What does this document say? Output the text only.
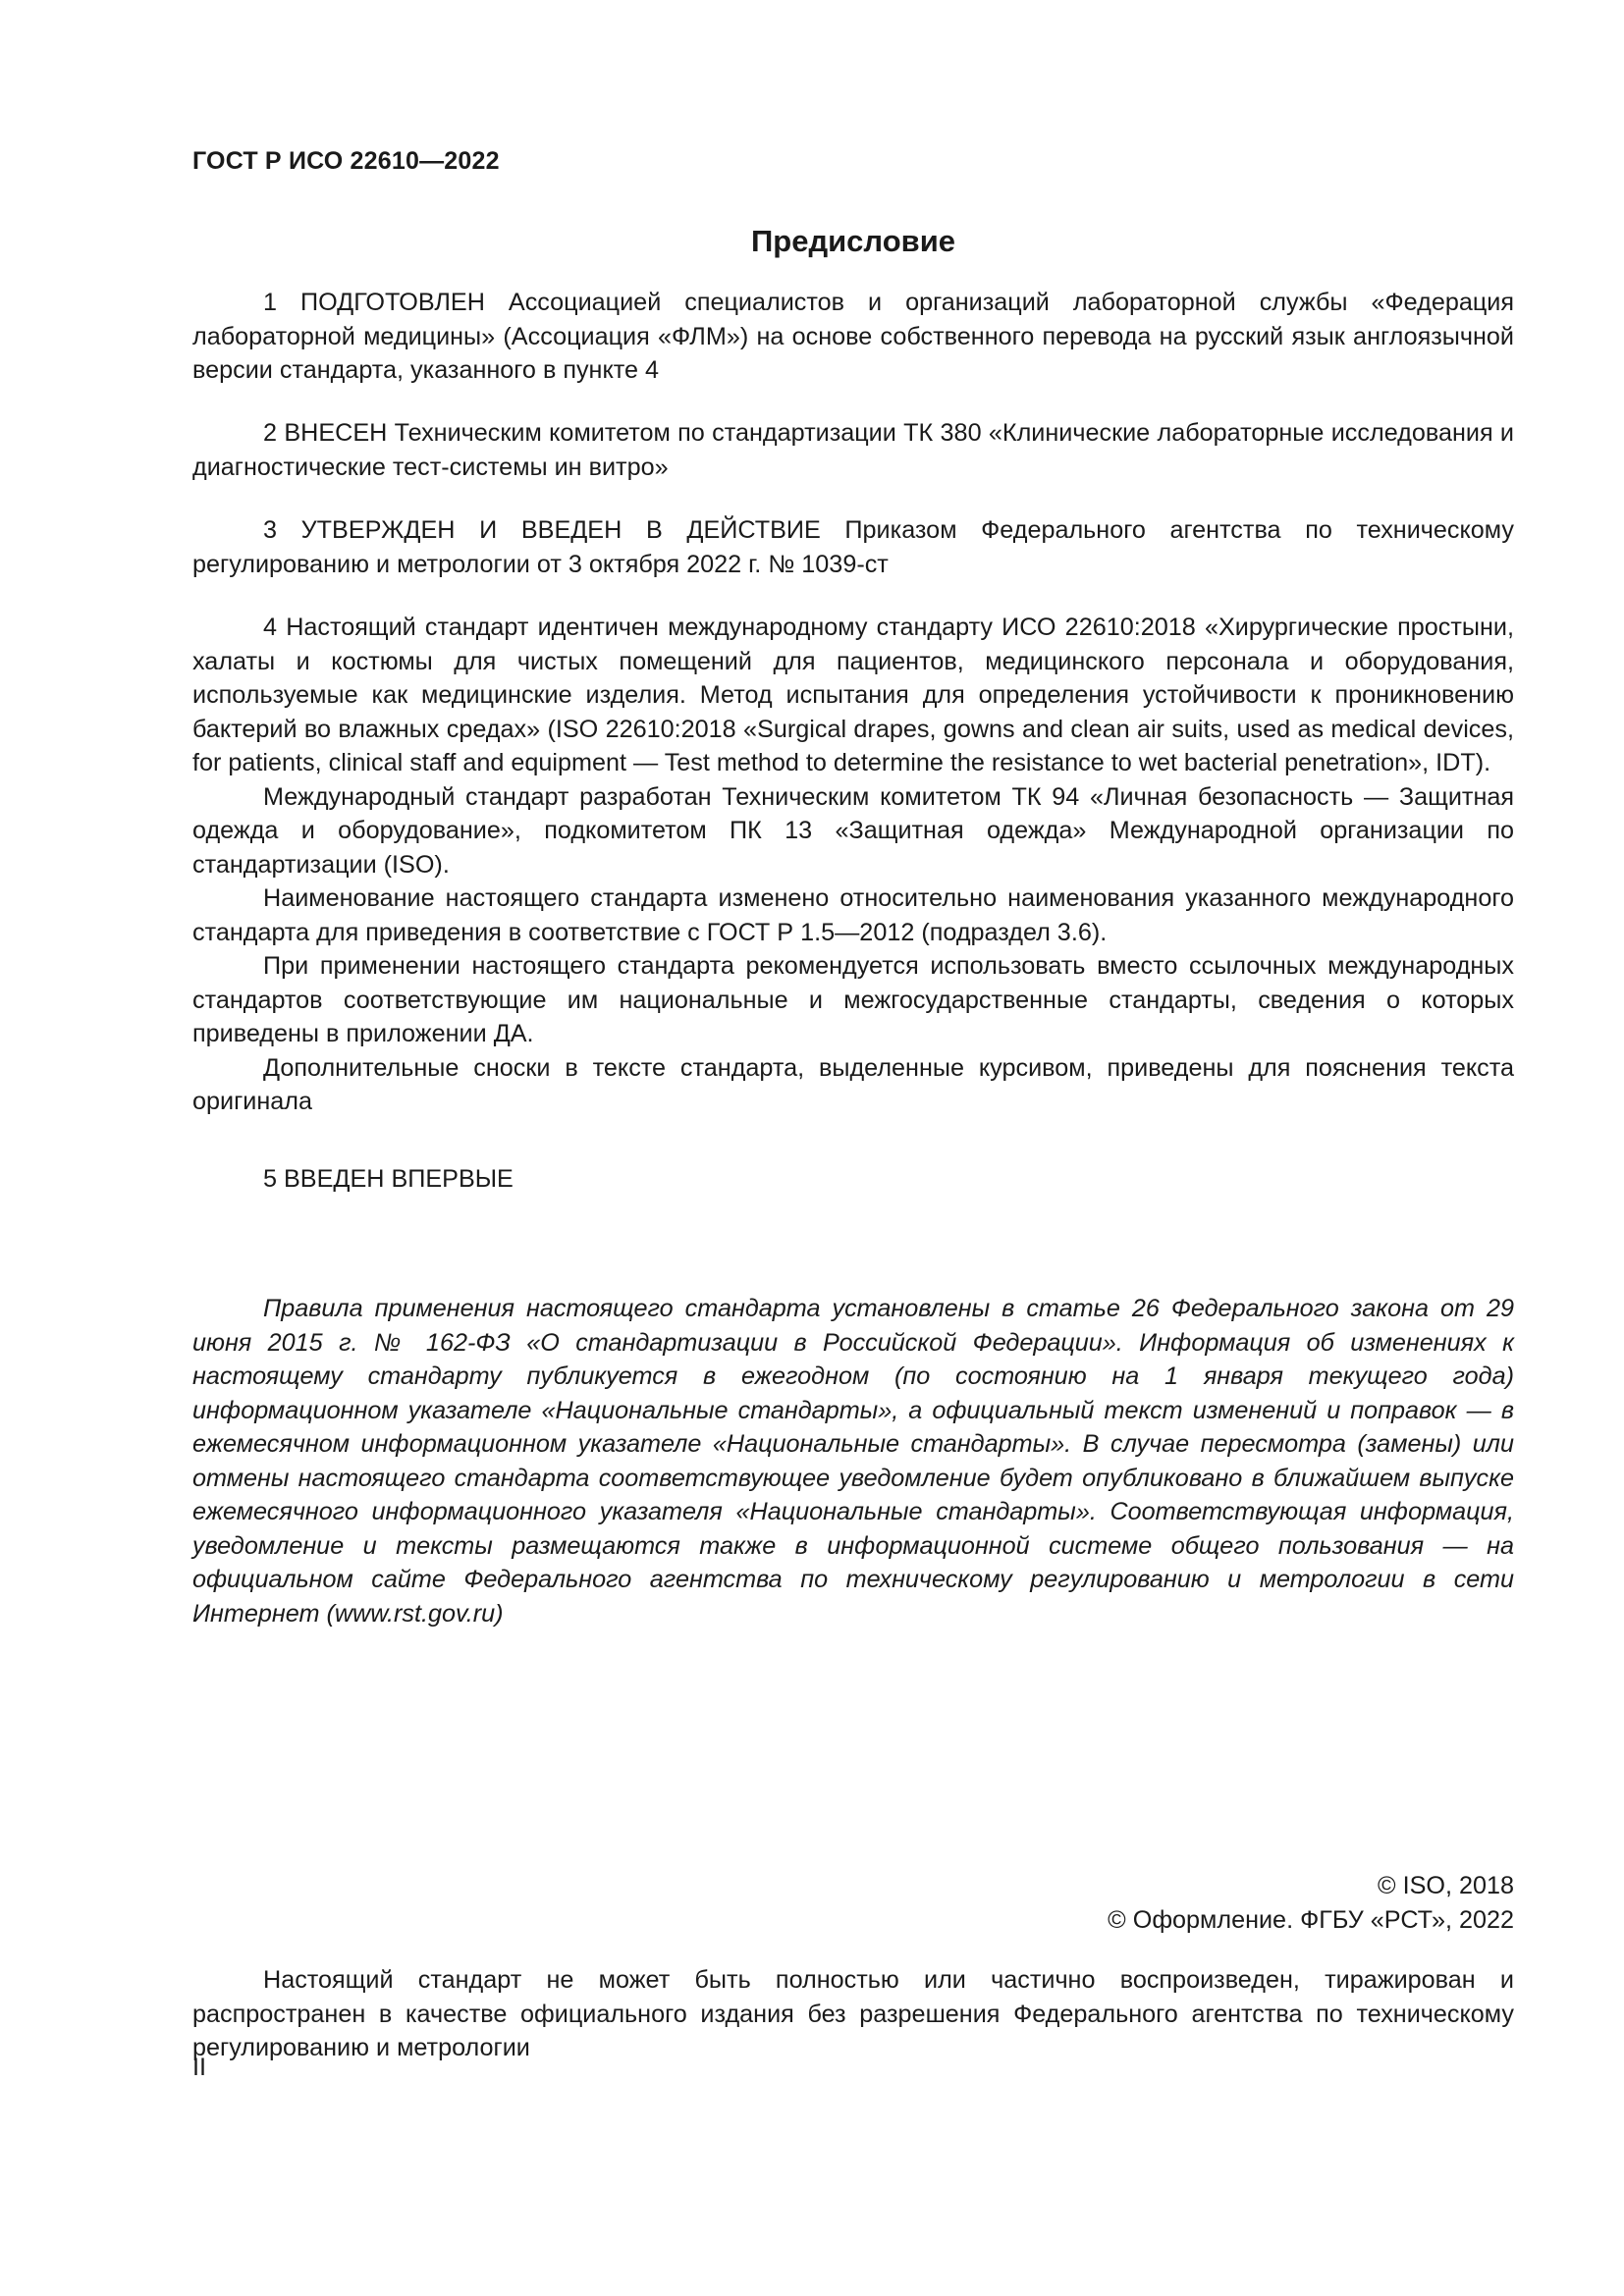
ГОСТ Р ИСО 22610—2022
Предисловие

1 ПОДГОТОВЛЕН Ассоциацией специалистов и организаций лабораторной службы «Федерация лабораторной медицины» (Ассоциация «ФЛМ») на основе собственного перевода на русский язык англоязычной версии стандарта, указанного в пункте 4

2 ВНЕСЕН Техническим комитетом по стандартизации ТК 380 «Клинические лабораторные исследования и диагностические тест-системы ин витро»

3 УТВЕРЖДЕН И ВВЕДЕН В ДЕЙСТВИЕ Приказом Федерального агентства по техническому регулированию и метрологии от 3 октября 2022 г. № 1039-ст

4 Настоящий стандарт идентичен международному стандарту ИСО 22610:2018 «Хирургические простыни, халаты и костюмы для чистых помещений для пациентов, медицинского персонала и оборудования, используемые как медицинские изделия. Метод испытания для определения устойчивости к проникновению бактерий во влажных средах» (ISO 22610:2018 «Surgical drapes, gowns and clean air suits, used as medical devices, for patients, clinical staff and equipment — Test method to determine the resistance to wet bacterial penetration», IDT).

Международный стандарт разработан Техническим комитетом ТК 94 «Личная безопасность — Защитная одежда и оборудование», подкомитетом ПК 13 «Защитная одежда» Международной организации по стандартизации (ISO).

Наименование настоящего стандарта изменено относительно наименования указанного международного стандарта для приведения в соответствие с ГОСТ Р 1.5—2012 (подраздел 3.6).

При применении настоящего стандарта рекомендуется использовать вместо ссылочных международных стандартов соответствующие им национальные и межгосударственные стандарты, сведения о которых приведены в приложении ДА.

Дополнительные сноски в тексте стандарта, выделенные курсивом, приведены для пояснения текста оригинала

5 ВВЕДЕН ВПЕРВЫЕ

Правила применения настоящего стандарта установлены в статье 26 Федерального закона от 29 июня 2015 г. № 162-ФЗ «О стандартизации в Российской Федерации». Информация об изменениях к настоящему стандарту публикуется в ежегодном (по состоянию на 1 января текущего года) информационном указателе «Национальные стандарты», а официальный текст изменений и поправок — в ежемесячном информационном указателе «Национальные стандарты». В случае пересмотра (замены) или отмены настоящего стандарта соответствующее уведомление будет опубликовано в ближайшем выпуске ежемесячного информационного указателя «Национальные стандарты». Соответствующая информация, уведомление и тексты размещаются также в информационной системе общего пользования — на официальном сайте Федерального агентства по техническому регулированию и метрологии в сети Интернет (www.rst.gov.ru)

© ISO, 2018
© Оформление. ФГБУ «РСТ», 2022

Настоящий стандарт не может быть полностью или частично воспроизведен, тиражирован и распространен в качестве официального издания без разрешения Федерального агентства по техническому регулированию и метрологии

II
